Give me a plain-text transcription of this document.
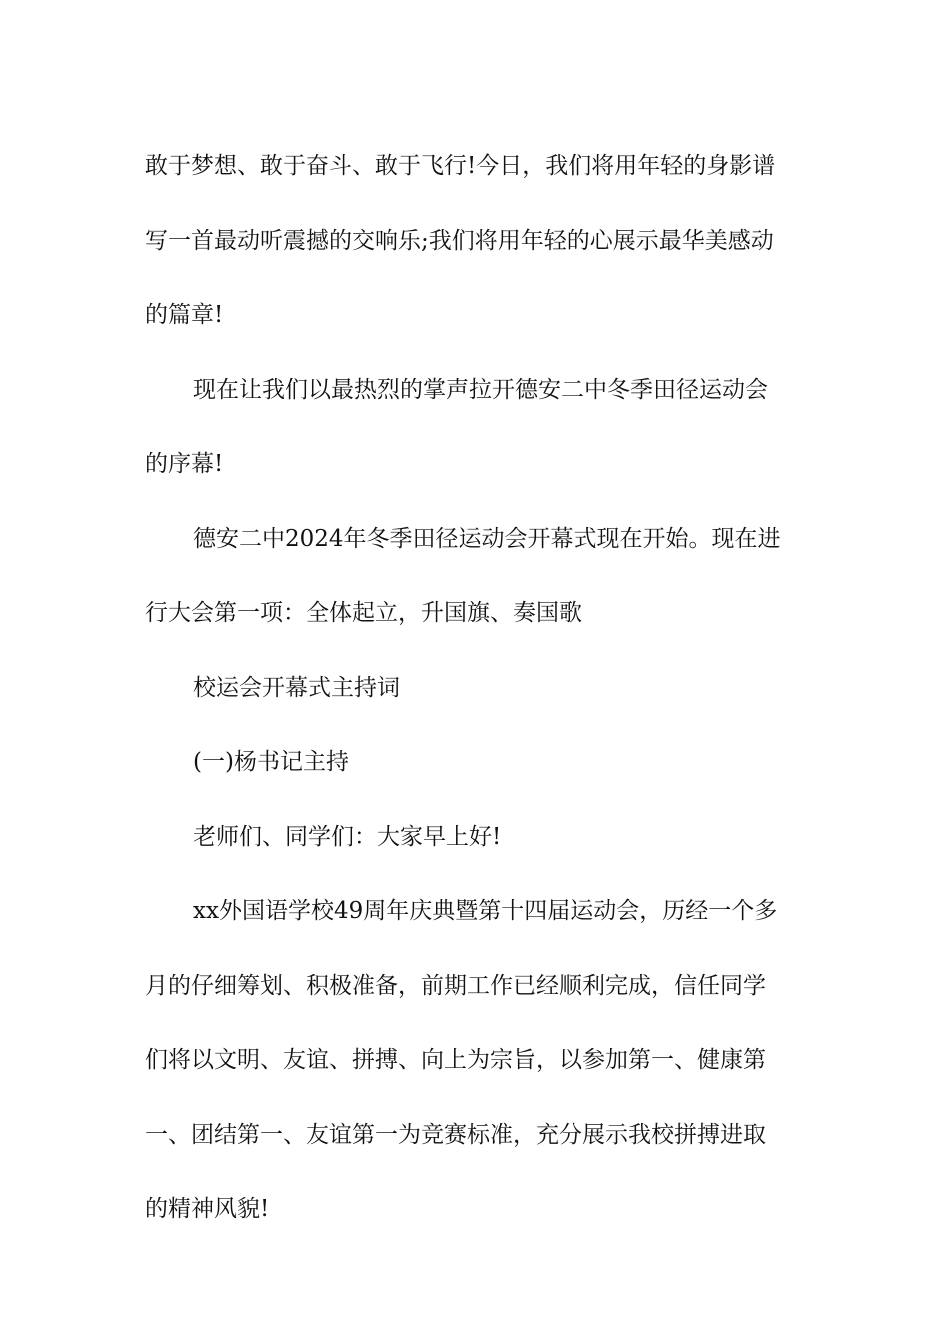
敢于梦想、敢于奋斗、敢于飞行!今日，我们将用年轻的身影谱
写一首最动听震撼的交响乐;我们将用年轻的心展示最华美感动
的篇章!
现在让我们以最热烈的掌声拉开德安二中冬季田径运动会
的序幕!
德安二中2024年冬季田径运动会开幕式现在开始。现在进
行大会第一项：全体起立，升国旗、奏国歌
校运会开幕式主持词
(一)杨书记主持
老师们、同学们：大家早上好!
xx外国语学校49周年庆典暨第十四届运动会，历经一个多
月的仔细筹划、积极准备，前期工作已经顺利完成，信任同学
们将以文明、友谊、拼搏、向上为宗旨，以参加第一、健康第
一、团结第一、友谊第一为竞赛标准，充分展示我校拼搏进取
的精神风貌!
